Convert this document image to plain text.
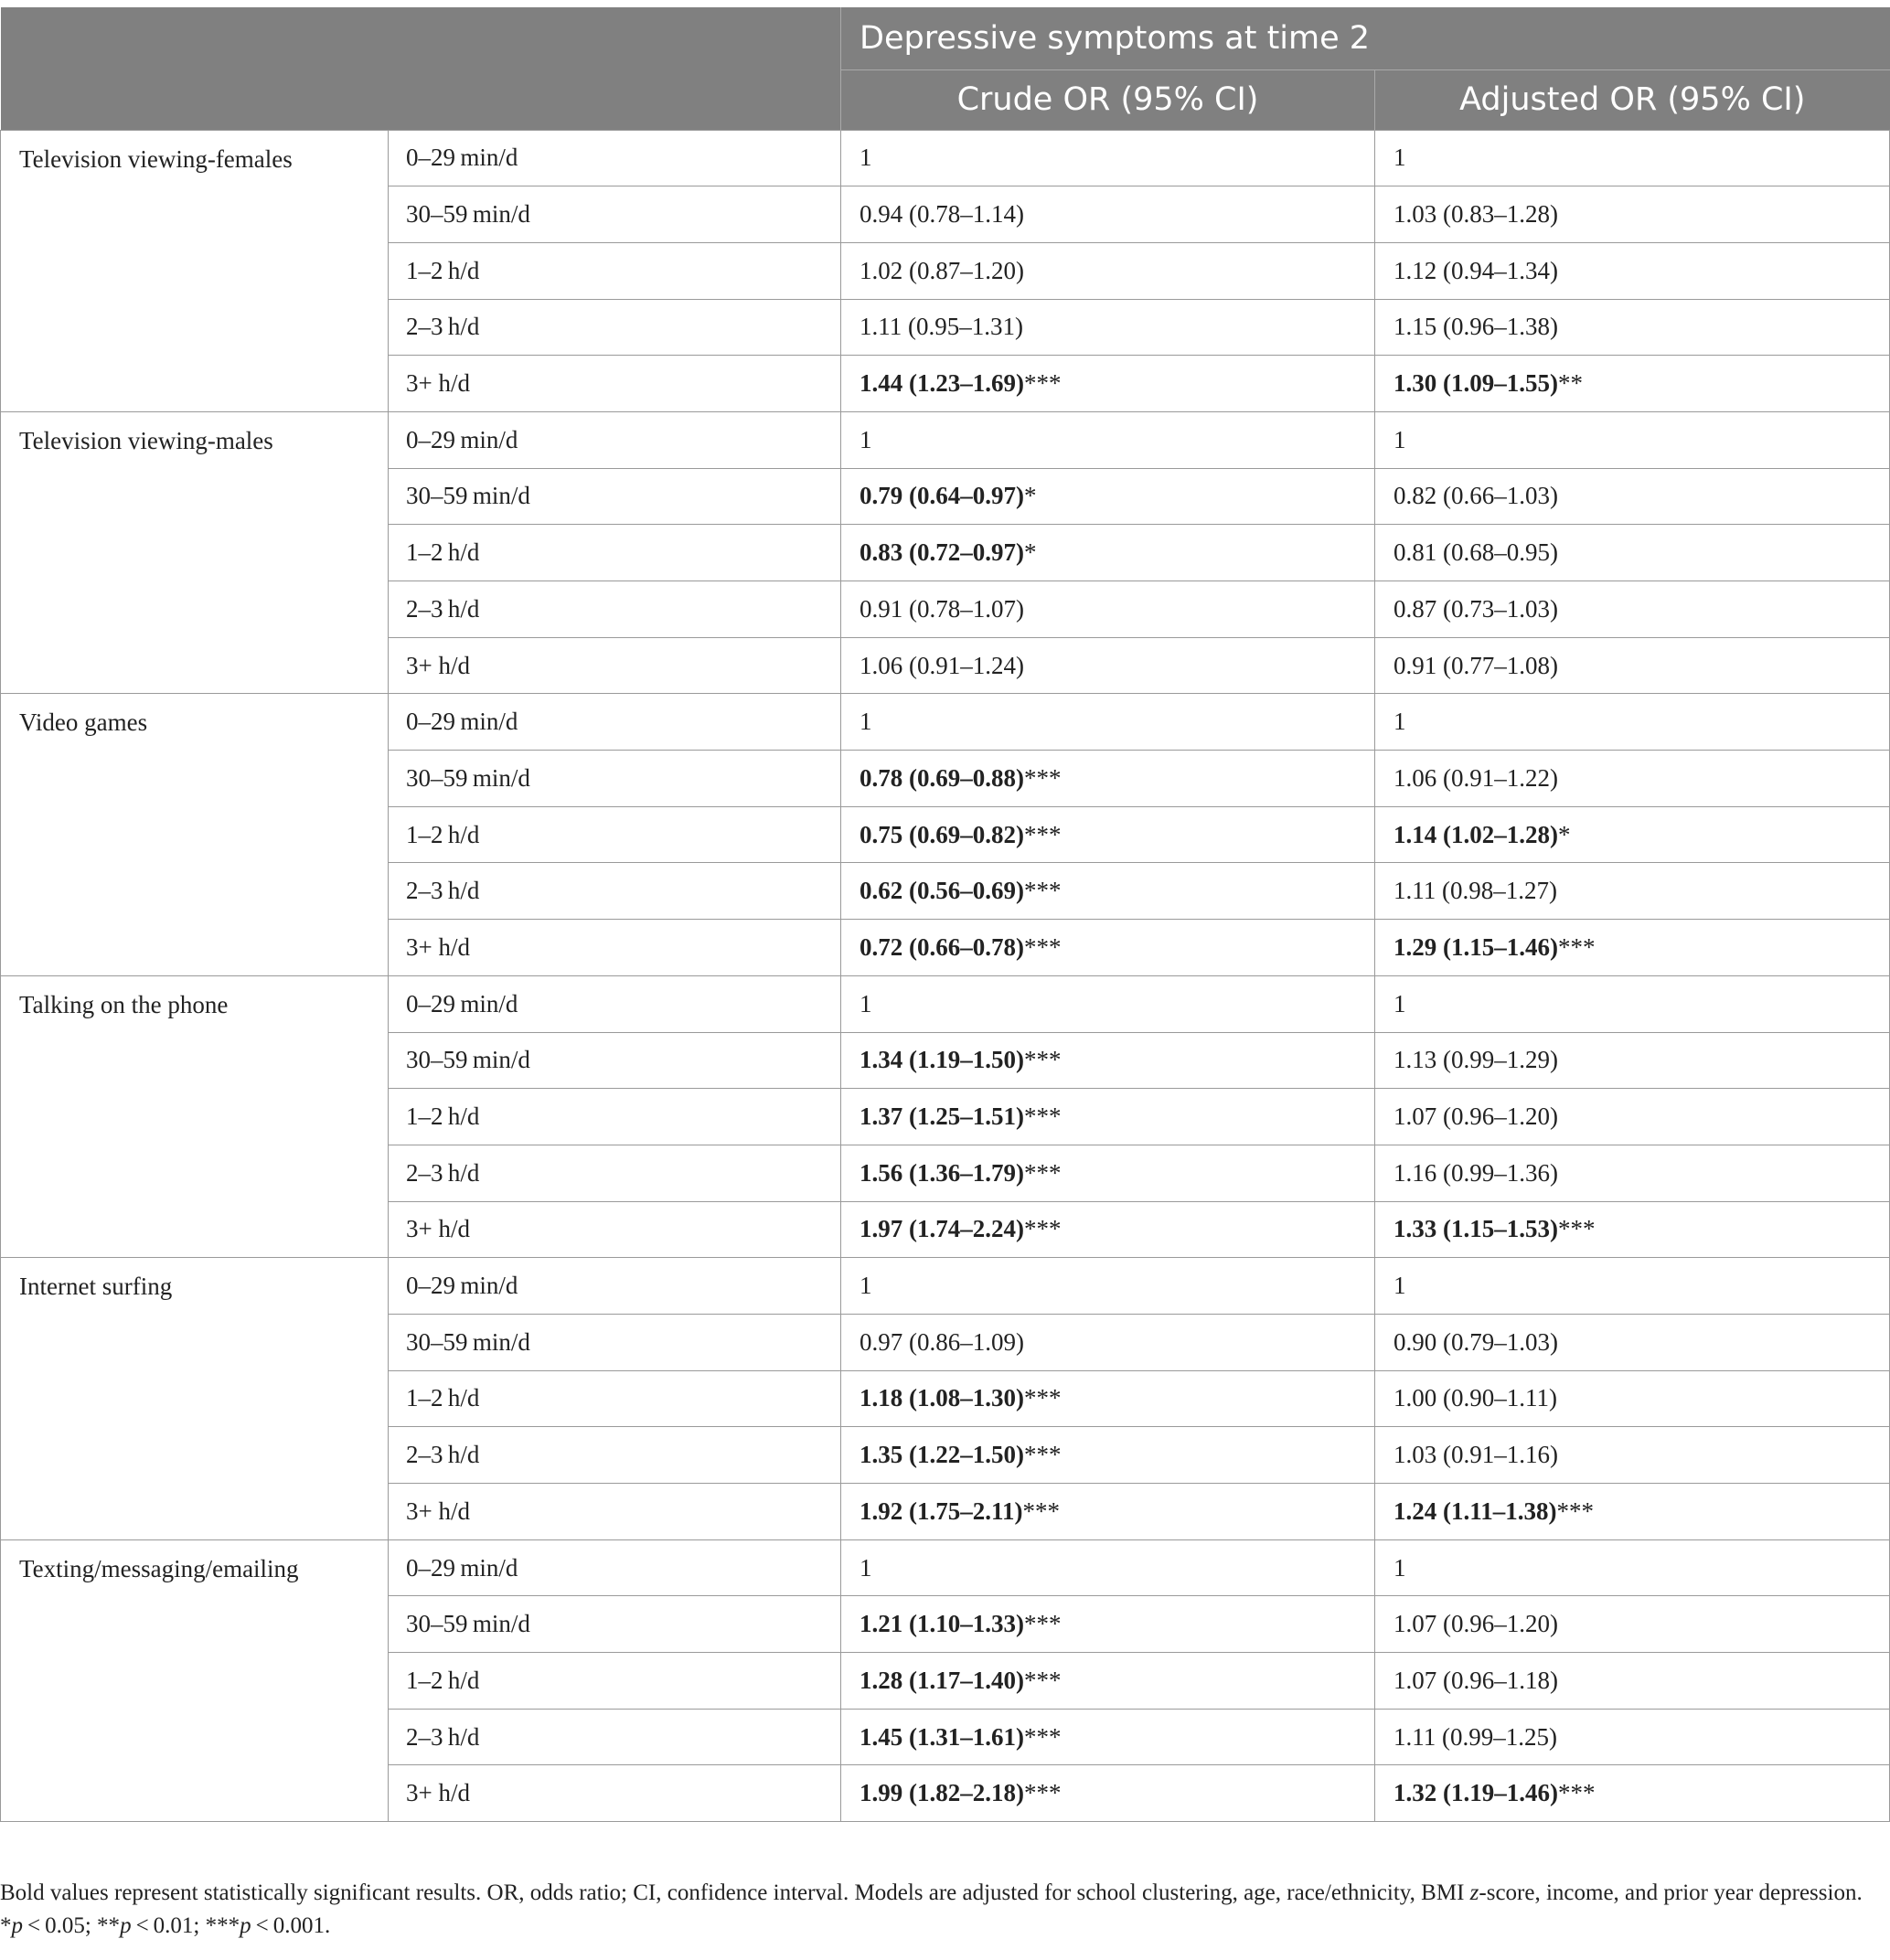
		Depressive symptoms at time 2	
		Crude OR (95% CI)	Adjusted OR (95% CI)
Television viewing-females	0–29 min/d	1	1
	30–59 min/d	0.94 (0.78–1.14)	1.03 (0.83–1.28)
	1–2 h/d	1.02 (0.87–1.20)	1.12 (0.94–1.34)
	2–3 h/d	1.11 (0.95–1.31)	1.15 (0.96–1.38)
	3+ h/d	1.44 (1.23–1.69)***	1.30 (1.09–1.55)**
Television viewing-males	0–29 min/d	1	1
	30–59 min/d	0.79 (0.64–0.97)*	0.82 (0.66–1.03)
	1–2 h/d	0.83 (0.72–0.97)*	0.81 (0.68–0.95)
	2–3 h/d	0.91 (0.78–1.07)	0.87 (0.73–1.03)
	3+ h/d	1.06 (0.91–1.24)	0.91 (0.77–1.08)
Video games	0–29 min/d	1	1
	30–59 min/d	0.78 (0.69–0.88)***	1.06 (0.91–1.22)
	1–2 h/d	0.75 (0.69–0.82)***	1.14 (1.02–1.28)*
	2–3 h/d	0.62 (0.56–0.69)***	1.11 (0.98–1.27)
	3+ h/d	0.72 (0.66–0.78)***	1.29 (1.15–1.46)***
Talking on the phone	0–29 min/d	1	1
	30–59 min/d	1.34 (1.19–1.50)***	1.13 (0.99–1.29)
	1–2 h/d	1.37 (1.25–1.51)***	1.07 (0.96–1.20)
	2–3 h/d	1.56 (1.36–1.79)***	1.16 (0.99–1.36)
	3+ h/d	1.97 (1.74–2.24)***	1.33 (1.15–1.53)***
Internet surfing	0–29 min/d	1	1
	30–59 min/d	0.97 (0.86–1.09)	0.90 (0.79–1.03)
	1–2 h/d	1.18 (1.08–1.30)***	1.00 (0.90–1.11)
	2–3 h/d	1.35 (1.22–1.50)***	1.03 (0.91–1.16)
	3+ h/d	1.92 (1.75–2.11)***	1.24 (1.11–1.38)***
Texting/messaging/emailing	0–29 min/d	1	1
	30–59 min/d	1.21 (1.10–1.33)***	1.07 (0.96–1.20)
	1–2 h/d	1.28 (1.17–1.40)***	1.07 (0.96–1.18)
	2–3 h/d	1.45 (1.31–1.61)***	1.11 (0.99–1.25)
	3+ h/d	1.99 (1.82–2.18)***	1.32 (1.19–1.46)***
Bold values represent statistically significant results. OR, odds ratio; CI, confidence interval. Models are adjusted for school clustering, age, race/ethnicity, BMI z-score, income, and prior year depression. *p < 0.05; **p < 0.01; ***p < 0.001.
